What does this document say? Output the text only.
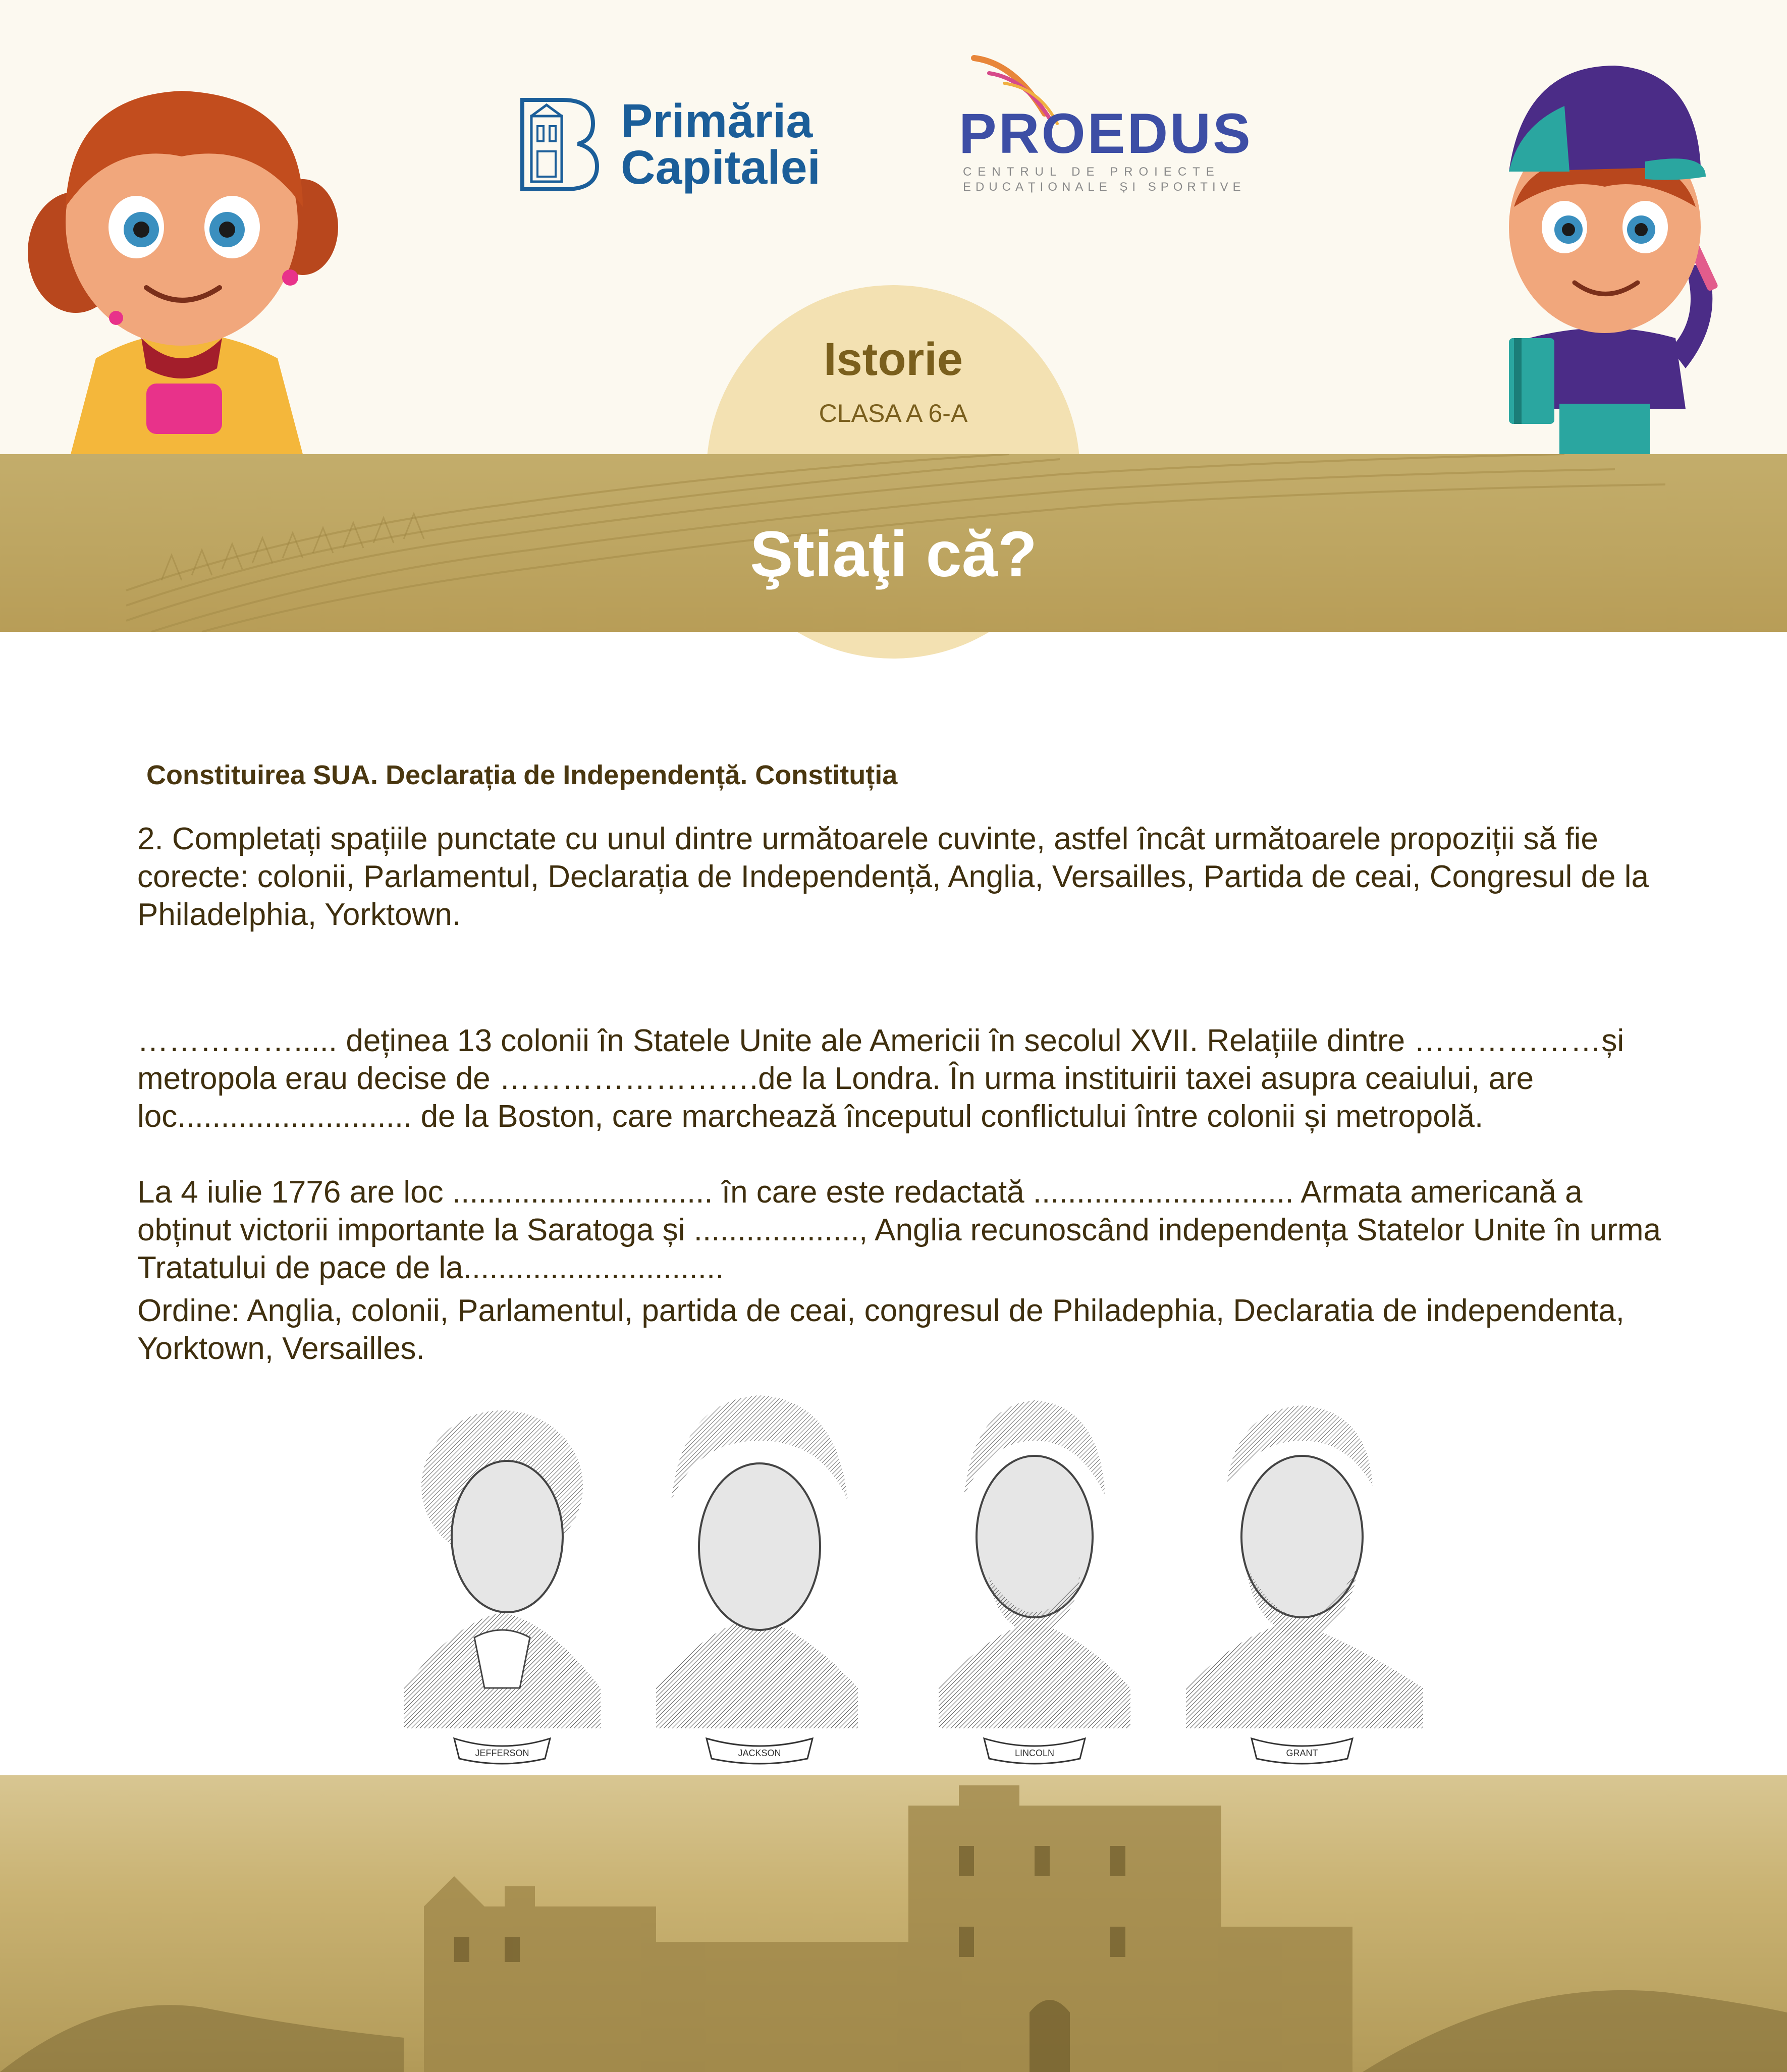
Primăria
Capitalei
PROEDUS
CENTRUL DE PROIECTE
EDUCAȚIONALE ȘI SPORTIVE
Istorie
CLASA A 6-A
Ştiaţi că?
Constituirea SUA. Declarația de Independență. Constituția
2. Completați spațiile punctate cu unul dintre următoarele cuvinte, astfel încât următoarele propoziții să fie corecte: colonii, Parlamentul, Declarația de Independență, Anglia, Versailles, Partida de ceai, Congresul de la Philadelphia, Yorktown.
……………..... deținea 13 colonii în Statele Unite ale Americii în secolul XVII. Relațiile dintre ………………și metropola erau decise de …………………….de la Londra. În urma instituirii taxei asupra ceaiului, are loc........................... de la Boston, care marchează începutul conflictului între colonii și metropolă.
La 4 iulie 1776 are loc .............................. în care este redactată .............................. Armata americană a obținut victorii importante la Saratoga și ..................., Anglia recunoscând independența Statelor Unite în urma Tratatului de pace de la..............................
Ordine: Anglia, colonii, Parlamentul, partida de ceai, congresul de Philadephia, Declaratia de independenta, Yorktown, Versailles.
JEFFERSON	JACKSON	LINCOLN	GRANT
